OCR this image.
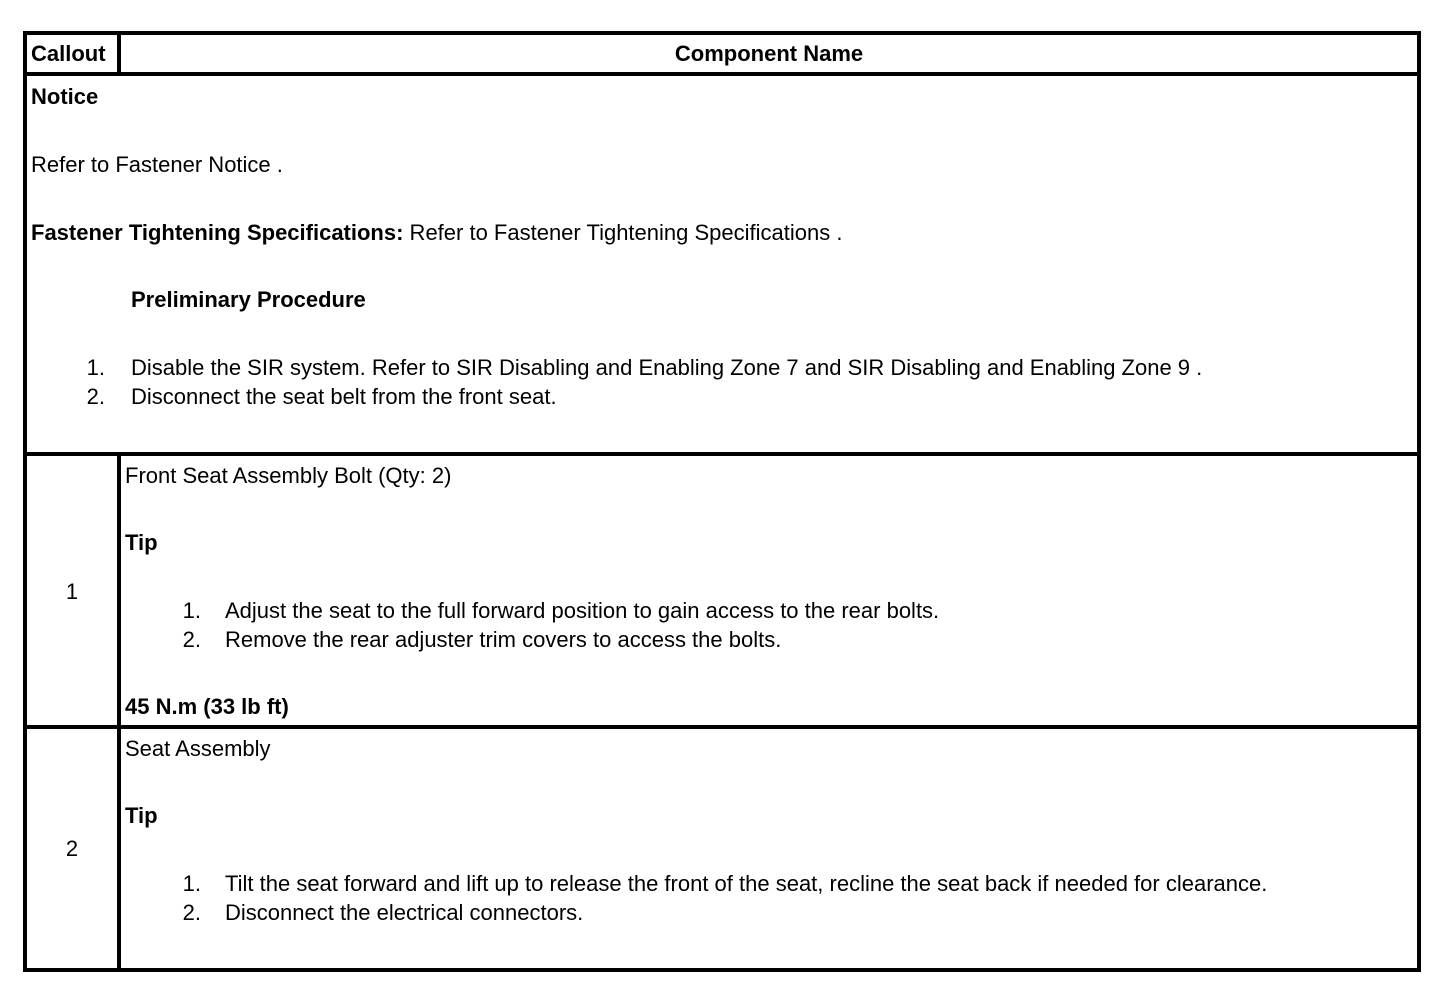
Callout	Component Name
Notice
Refer to Fastener Notice .
Fastener Tightening Specifications: Refer to Fastener Tightening Specifications .
Preliminary Procedure
1. Disable the SIR system. Refer to SIR Disabling and Enabling Zone 7 and SIR Disabling and Enabling Zone 9 .
2. Disconnect the seat belt from the front seat.
1
Front Seat Assembly Bolt (Qty: 2)
Tip
1. Adjust the seat to the full forward position to gain access to the rear bolts.
2. Remove the rear adjuster trim covers to access the bolts.
45 N.m (33 lb ft)
2
Seat Assembly
Tip
1. Tilt the seat forward and lift up to release the front of the seat, recline the seat back if needed for clearance.
2. Disconnect the electrical connectors.
